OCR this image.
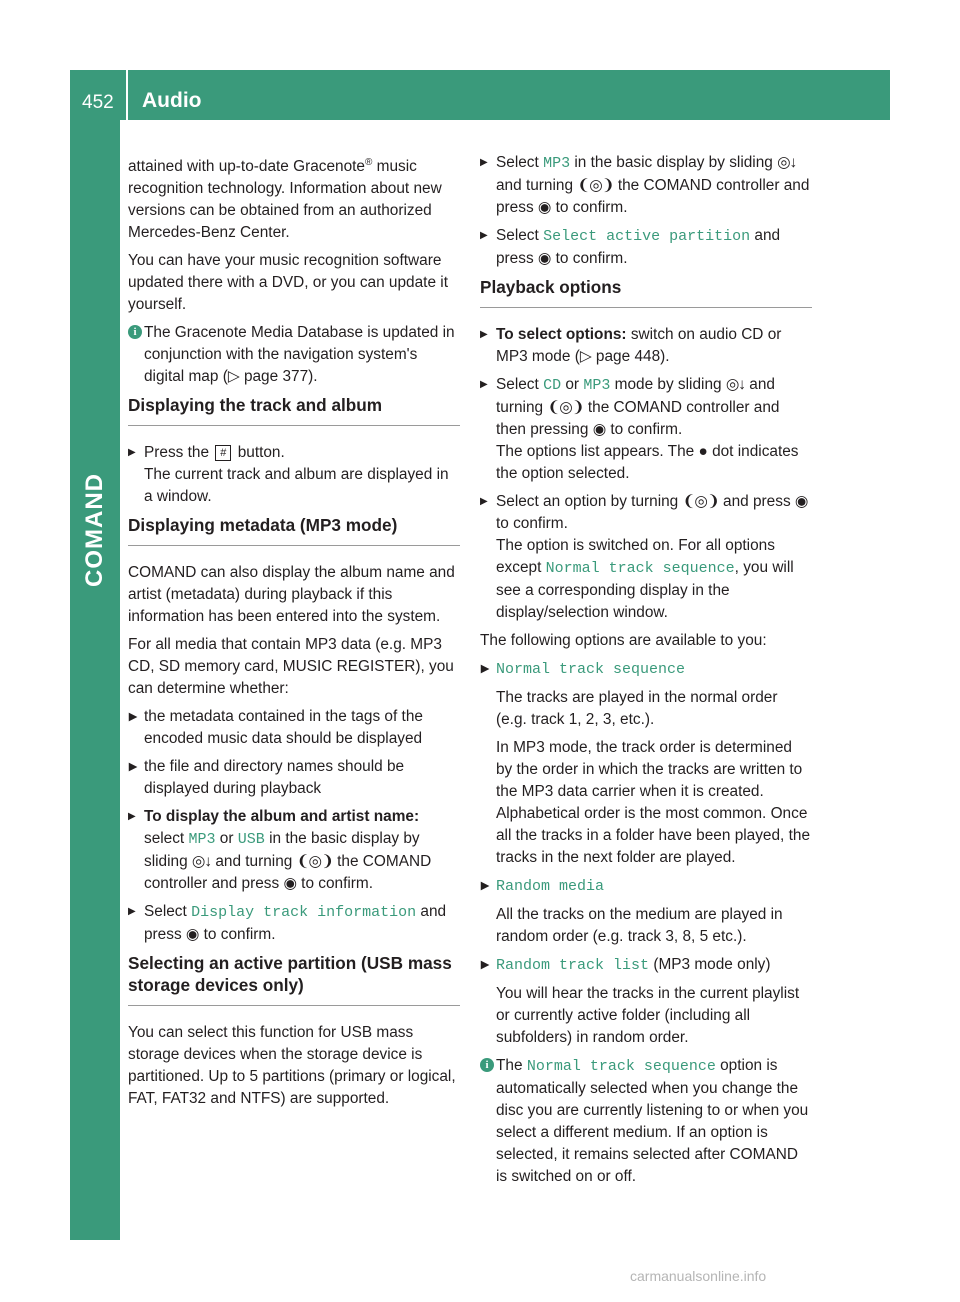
452 Audio
COMAND

attained with up-to-date Gracenote® music recognition technology. Information about new versions can be obtained from an authorized Mercedes-Benz Center.

You can have your music recognition software updated there with a DVD, or you can update it yourself.

i The Gracenote Media Database is updated in conjunction with the navigation system's digital map (▷ page 377).
Displaying the track and album
▶ Press the # button.
The current track and album are displayed in a window.
Displaying metadata (MP3 mode)

COMAND can also display the album name and artist (metadata) during playback if this information has been entered into the system.

For all media that contain MP3 data (e.g. MP3 CD, SD memory card, MUSIC REGISTER), you can determine whether:

▸ the metadata contained in the tags of the encoded music data should be displayed
▸ the file and directory names should be displayed during playback
▶ To display the album and artist name:
select MP3 or USB in the basic display by sliding ◎↓ and turning ❨◎❩ the COMAND controller and press ◉ to confirm.
▶ Select Display track information and press ◉ to confirm.
Selecting an active partition (USB mass storage devices only)

You can select this function for USB mass storage devices when the storage device is partitioned. Up to 5 partitions (primary or logical, FAT, FAT32 and NTFS) are supported.

▶ Select MP3 in the basic display by sliding ◎↓ and turning ❨◎❩ the COMAND controller and press ◉ to confirm.
▶ Select Select active partition and
press ◉ to confirm.
Playback options
▶ To select options: switch on audio CD or MP3 mode (▷ page 448).
▶ Select CD or MP3 mode by sliding ◎↓ and turning ❨◎❩ the COMAND controller and then pressing ◉ to confirm.
The options list appears. The ● dot indicates the option selected.
▶ Select an option by turning ❨◎❩ and press ◉ to confirm.
The option is switched on. For all options except Normal track sequence, you will see a corresponding display in the display/selection window.

The following options are available to you:

▸ Normal track sequence
The tracks are played in the normal order (e.g. track 1, 2, 3, etc.).
In MP3 mode, the track order is determined by the order in which the tracks are written to the MP3 data carrier when it is created. Alphabetical order is the most common. Once all the tracks in a folder have been played, the tracks in the next folder are played.
▸ Random media
All the tracks on the medium are played in random order (e.g. track 3, 8, 5 etc.).
▸ Random track list (MP3 mode only)
You will hear the tracks in the current playlist or currently active folder (including all subfolders) in random order.
i The Normal track sequence option is automatically selected when you change the disc you are currently listening to or when you select a different medium. If an option is selected, it remains selected after COMAND is switched on or off.
carmanualsonline.info
